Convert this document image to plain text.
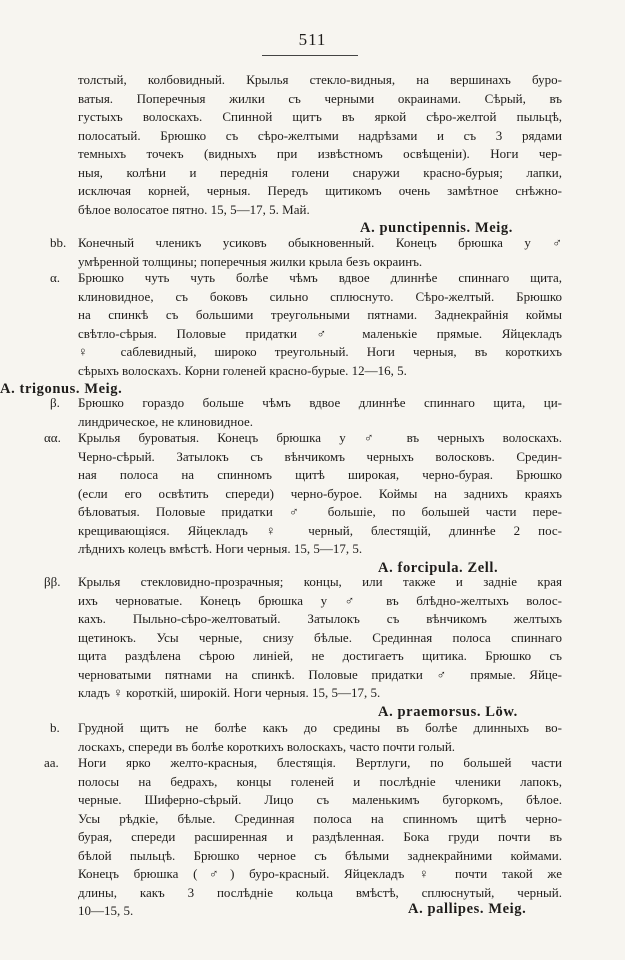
511
толстый, колбовидный. Крылья стекло-видныя, на вершинахъ буро-
ватыя. Поперечныя жилки съ черными окраинами. Сѣрый, въ
густыхъ волоскахъ. Спинной щитъ въ яркой сѣро-желтой пыльцѣ,
полосатый. Брюшко съ сѣро-желтыми надрѣзами и съ 3 рядами
темныхъ точекъ (видныхъ при извѣстномъ освѣщеніи). Ноги чер-
ныя, колѣни и переднія голени снаружи красно-бурыя; лапки,
исключая корней, черныя. Передъ щитикомъ очень замѣтное снѣжно-
бѣлое волосатое пятно. 15, 5—17, 5. Май.
A. punctipennis. Meig.
bb. Конечный членикъ усиковъ обыкновенный. Конецъ брюшка у ♂
умѣренной толщины; поперечныя жилки крыла безъ окраинъ.
α. Брюшко чуть чуть болѣе чѣмъ вдвое длиннѣе спиннаго щита,
клиновидное, съ боковъ сильно сплюснуто. Сѣро-желтый. Брюшко
на спинкѣ съ большими треугольными пятнами. Заднекрайнія коймы
свѣтло-сѣрыя. Половые придатки ♂ маленькіе прямые. Яйцекладъ
♀ саблевидный, широко треугольный. Ноги черныя, въ короткихъ
сѣрыхъ волоскахъ. Корни голеней красно-бурые. 12—16, 5.
A. trigonus. Meig.
β. Брюшко гораздо больше чѣмъ вдвое длиннѣе спиннаго щита, ци-
линдрическое, не клиновидное.
αα. Крылья буроватыя. Конецъ брюшка у ♂ въ черныхъ волоскахъ.
Черно-сѣрый. Затылокъ съ вѣнчикомъ черныхъ волосковъ. Средин-
ная полоса на спинномъ щитѣ широкая, черно-бурая. Брюшко
(если его освѣтить спереди) черно-бурое. Коймы на заднихъ краяхъ
бѣловатыя. Половые придатки ♂ большіе, по большей части пере-
крещивающіяся. Яйцекладъ ♀ черный, блестящій, длиннѣе 2 пос-
лѣднихъ колецъ вмѣстѣ. Ноги черныя. 15, 5—17, 5.
A. forcipula. Zell.
ββ. Крылья стекловидно-прозрачныя; концы, или также и задніе края
ихъ черноватые. Конецъ брюшка у ♂ въ блѣдно-желтыхъ волос-
кахъ. Пыльно-сѣро-желтоватый. Затылокъ съ вѣнчикомъ желтыхъ
щетинокъ. Усы черные, снизу бѣлые. Срединная полоса спиннаго
щита раздѣлена сѣрою линіей, не достигаетъ щитика. Брюшко съ
черноватыми пятнами на спинкѣ. Половые придатки ♂ прямые. Яйце-
кладъ ♀ короткій, широкій. Ноги черныя. 15, 5—17, 5.
A. praemorsus. Löw.
b. Грудной щитъ не болѣе какъ до средины въ болѣе длинныхъ во-
лоскахъ, спереди въ болѣе короткихъ волоскахъ, часто почти голый.
aa. Ноги ярко желто-красныя, блестящія. Вертлуги, по большей части
полосы на бедрахъ, концы голеней и послѣдніе членики лапокъ,
черные. Шиферно-сѣрый. Лицо съ маленькимъ бугоркомъ, бѣлое.
Усы рѣдкіе, бѣлые. Срединная полоса на спинномъ щитѣ черно-
бурая, спереди расширенная и раздѣленная. Бока груди почти въ
бѣлой пыльцѣ. Брюшко черное съ бѣлыми заднекрайними коймами.
Конецъ брюшка (♂) буро-красный. Яйцекладъ ♀ почти такой же
длины, какъ 3 послѣдніе кольца вмѣстѣ, сплюснутый, черный.
10—15, 5.	A. pallipes. Meig.
